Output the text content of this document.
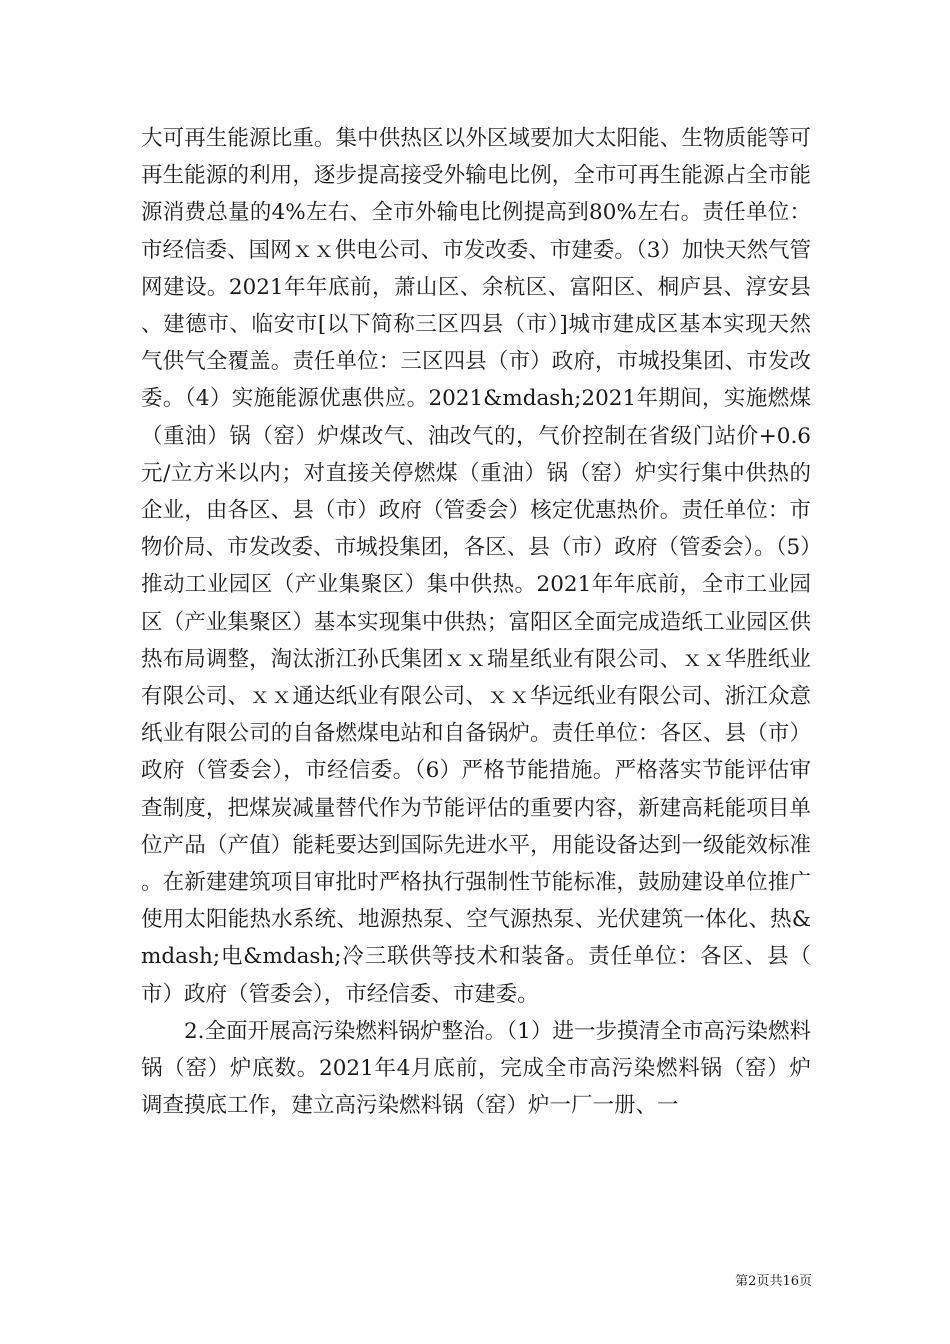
大可再生能源比重。集中供热区以外区域要加大太阳能、生物质能等可再生能源的利用，逐步提高接受外输电比例，全市可再生能源占全市能源消费总量的4%左右、全市外输电比例提高到80%左右。责任单位：市经信委、国网ｘｘ供电公司、市发改委、市建委。（3）加快天然气管网建设。2021年年底前，萧山区、余杭区、富阳区、桐庐县、淳安县、建德市、临安市[以下简称三区四县（市）]城市建成区基本实现天然气供气全覆盖。责任单位：三区四县（市）政府，市城投集团、市发改委。（4）实施能源优惠供应。2021&mdash;2021年期间，实施燃煤（重油）锅（窑）炉煤改气、油改气的，气价控制在省级门站价+0.6元/立方米以内；对直接关停燃煤（重油）锅（窑）炉实行集中供热的企业，由各区、县（市）政府（管委会）核定优惠热价。责任单位：市物价局、市发改委、市城投集团，各区、县（市）政府（管委会）。（5）推动工业园区（产业集聚区）集中供热。2021年年底前，全市工业园区（产业集聚区）基本实现集中供热；富阳区全面完成造纸工业园区供热布局调整，淘汰浙江孙氏集团ｘｘ瑞星纸业有限公司、ｘｘ华胜纸业有限公司、ｘｘ通达纸业有限公司、ｘｘ华远纸业有限公司、浙江众意纸业有限公司的自备燃煤电站和自备锅炉。责任单位：各区、县（市）政府（管委会），市经信委。（6）严格节能措施。严格落实节能评估审查制度，把煤炭减量替代作为节能评估的重要内容，新建高耗能项目单位产品（产值）能耗要达到国际先进水平，用能设备达到一级能效标准。在新建建筑项目审批时严格执行强制性节能标准，鼓励建设单位推广使用太阳能热水系统、地源热泵、空气源热泵、光伏建筑一体化、热&mdash;电&mdash;冷三联供等技术和装备。责任单位：各区、县（市）政府（管委会），市经信委、市建委。

2.全面开展高污染燃料锅炉整治。（1）进一步摸清全市高污染燃料锅（窑）炉底数。2021年4月底前，完成全市高污染燃料锅（窑）炉调查摸底工作，建立高污染燃料锅（窑）炉一厂一册、一

第2页共16页
